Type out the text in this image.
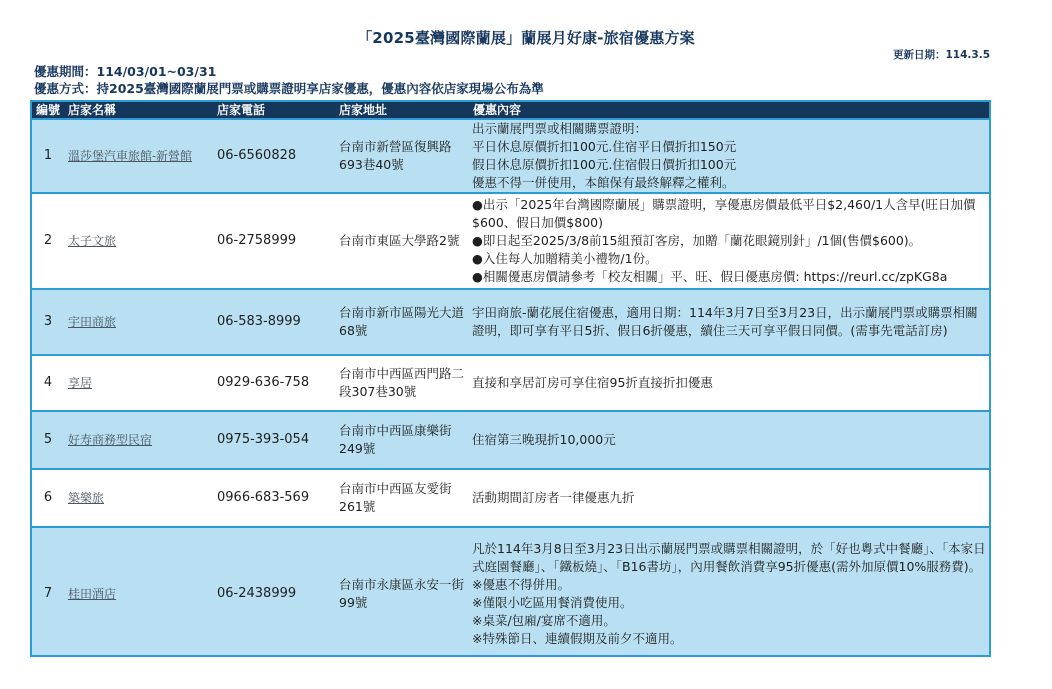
「2025臺灣國際蘭展」蘭展月好康-旅宿優惠方案
更新日期：114.3.5
優惠期間：114/03/01~03/31
優惠方式：持2025臺灣國際蘭展門票或購票證明享店家優惠，優惠內容依店家現場公布為準
編號	店家名稱	店家電話	店家地址	優惠內容
1	溫莎堡汽車旅館-新營館	06-6560828	台南市新營區復興路693巷40號	出示蘭展門票或相關購票證明：
平日休息原價折扣100元.住宿平日價折扣150元
假日休息原價折扣100元.住宿假日價折扣100元
優惠不得一併使用，本館保有最終解釋之權利。

2	太子文旅	06-2758999	台南市東區大學路2號	●出示「2025年台灣國際蘭展」購票證明，享優惠房價最低平日$2,460/1人含早(旺日加價$600、假日加價$800)
●即日起至2025/3/8前15組預訂客房，加贈「蘭花眼鏡別針」/1個(售價$600)。
●入住每人加贈精美小禮物/1份。
●相關優惠房價請參考「校友相關」平、旺、假日優惠房價: https://reurl.cc/zpKG8a

3	宇田商旅	06-583-8999	台南市新市區陽光大道68號	宇田商旅-蘭花展住宿優惠，適用日期：114年3月7日至3月23日，出示蘭展門票或購票相關證明，即可享有平日5折、假日6折優惠，續住三天可享平假日同價。(需事先電話訂房)

4	享居	0929-636-758	台南市中西區西門路二段307巷30號	直接和享居訂房可享住宿95折直接折扣優惠

5	好寿商務型民宿	0975-393-054	台南市中西區康樂街249號	住宿第三晚現折10,000元

6	築樂旅	0966-683-569	台南市中西區友愛街261號	活動期間訂房者一律優惠九折

7	桂田酒店	06-2438999	台南市永康區永安一街99號	凡於114年3月8日至3月23日出示蘭展門票或購票相關證明，於「好也粵式中餐廳」、「本家日式庭園餐廳」、「鐵板燒」、「B16書坊」，內用餐飲消費享95折優惠(需外加原價10%服務費)。
※優惠不得併用。
※僅限小吃區用餐消費使用。
※桌菜/包廂/宴席不適用。
※特殊節日、連續假期及前夕不適用。
